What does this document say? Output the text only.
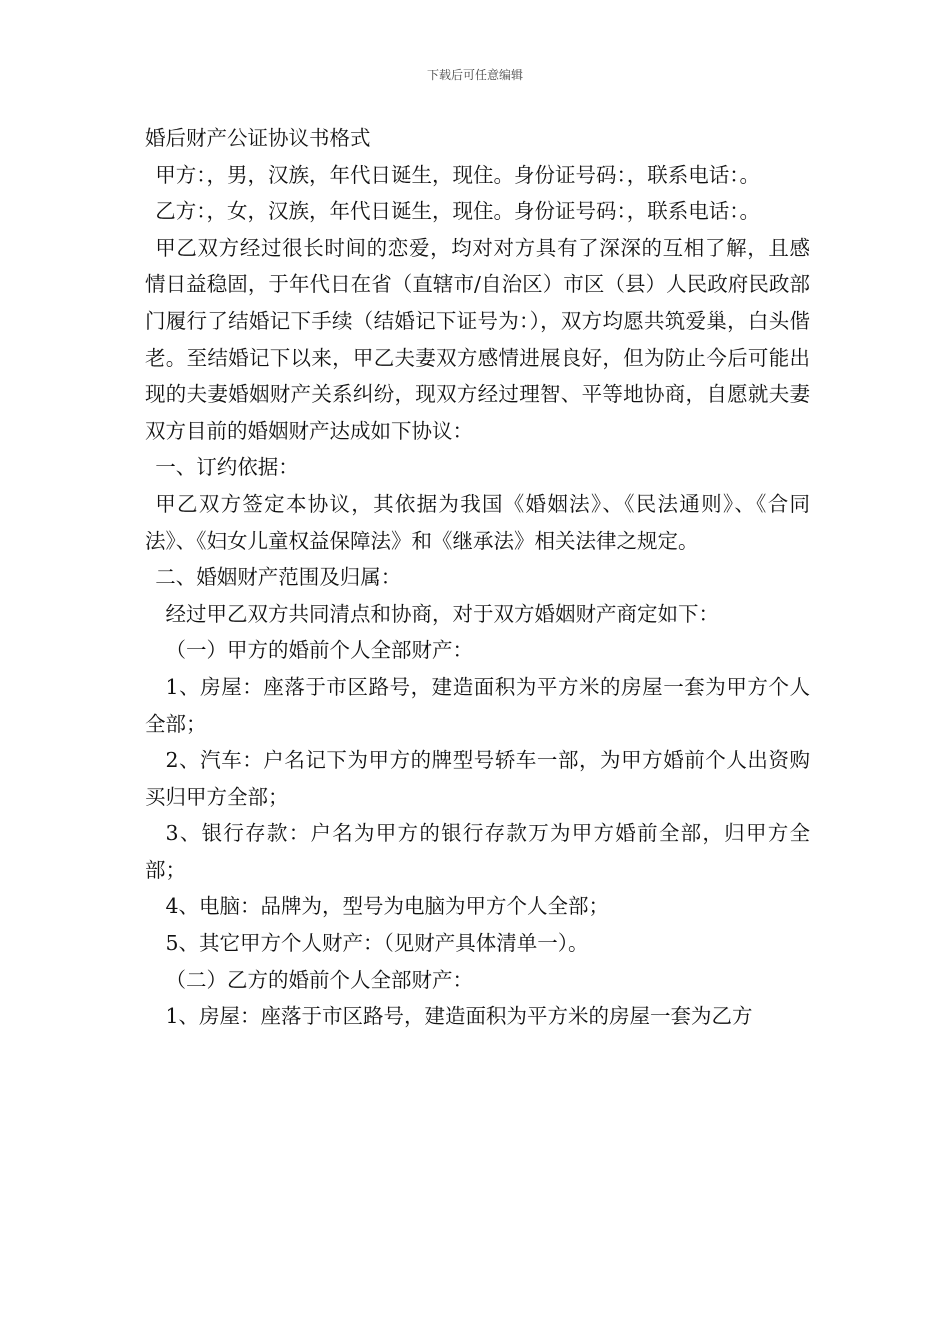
下载后可任意编辑
婚后财产公证协议书格式

甲方：，男，汉族，年代日诞生，现住。身份证号码：，联系电话：。

乙方：，女，汉族，年代日诞生，现住。身份证号码：，联系电话：。

甲乙双方经过很长时间的恋爱，均对对方具有了深深的互相了解，且感情日益稳固，于年代日在省（直辖市/自治区）市区（县）人民政府民政部门履行了结婚记下手续（结婚记下证号为：），双方均愿共筑爱巢，白头偕老。至结婚记下以来，甲乙夫妻双方感情进展良好，但为防止今后可能出现的夫妻婚姻财产关系纠纷，现双方经过理智、平等地协商，自愿就夫妻双方目前的婚姻财产达成如下协议：

一、订约依据：

甲乙双方签定本协议，其依据为我国《婚姻法》、《民法通则》、《合同法》、《妇女儿童权益保障法》和《继承法》相关法律之规定。

二、婚姻财产范围及归属：

经过甲乙双方共同清点和协商，对于双方婚姻财产商定如下：

（一）甲方的婚前个人全部财产：

1、房屋：座落于市区路号，建造面积为平方米的房屋一套为甲方个人全部；

2、汽车：户名记下为甲方的牌型号轿车一部，为甲方婚前个人出资购买归甲方全部；

3、银行存款：户名为甲方的银行存款万为甲方婚前全部，归甲方全部；

4、电脑：品牌为，型号为电脑为甲方个人全部；

5、其它甲方个人财产：（见财产具体清单一）。

（二）乙方的婚前个人全部财产：

1、房屋：座落于市区路号，建造面积为平方米的房屋一套为乙方
